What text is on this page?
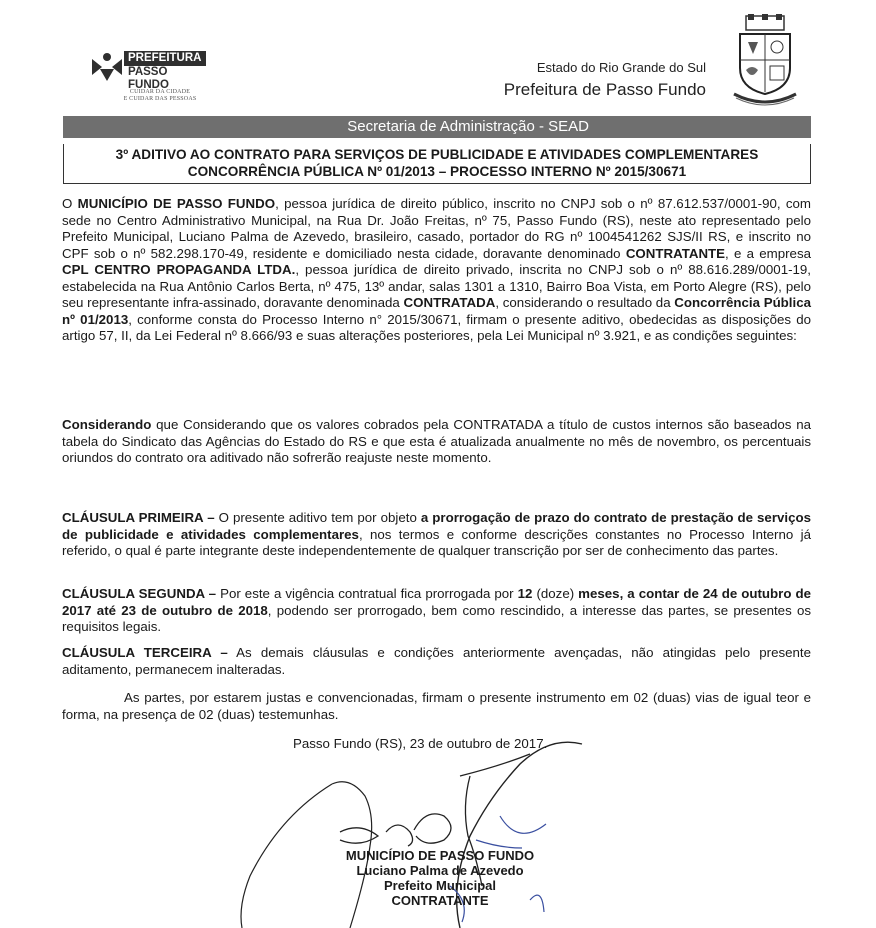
PREFEITURA
PASSO FUNDO
CUIDAR DA CIDADE
E CUIDAR DAS PESSOAS
Estado do Rio Grande do Sul
Prefeitura de Passo Fundo
Secretaria de Administração - SEAD
3º ADITIVO AO CONTRATO PARA SERVIÇOS DE PUBLICIDADE E ATIVIDADES COMPLEMENTARES
CONCORRÊNCIA PÚBLICA Nº 01/2013 – PROCESSO INTERNO Nº 2015/30671

O MUNICÍPIO DE PASSO FUNDO, pessoa jurídica de direito público, inscrito no CNPJ sob o nº 87.612.537/0001-90, com sede no Centro Administrativo Municipal, na Rua Dr. João Freitas, nº 75, Passo Fundo (RS), neste ato representado pelo Prefeito Municipal, Luciano Palma de Azevedo, brasileiro, casado, portador do RG nº 1004541262 SJS/II RS, e inscrito no CPF sob o nº 582.298.170-49, residente e domiciliado nesta cidade, doravante denominado CONTRATANTE, e a empresa CPL CENTRO PROPAGANDA LTDA., pessoa jurídica de direito privado, inscrita no CNPJ sob o nº 88.616.289/0001-19, estabelecida na Rua Antônio Carlos Berta, nº 475, 13º andar, salas 1301 a 1310, Bairro Boa Vista, em Porto Alegre (RS), pelo seu representante infra-assinado, doravante denominada CONTRATADA, considerando o resultado da Concorrência Pública nº 01/2013, conforme consta do Processo Interno n° 2015/30671, firmam o presente aditivo, obedecidas as disposições do artigo 57, II, da Lei Federal nº 8.666/93 e suas alterações posteriores, pela Lei Municipal nº 3.921, e as condições seguintes:

Considerando que Considerando que os valores cobrados pela CONTRATADA a título de custos internos são baseados na tabela do Sindicato das Agências do Estado do RS e que esta é atualizada anualmente no mês de novembro, os percentuais oriundos do contrato ora aditivado não sofrerão reajuste neste momento.

CLÁUSULA PRIMEIRA – O presente aditivo tem por objeto a prorrogação de prazo do contrato de prestação de serviços de publicidade e atividades complementares, nos termos e conforme descrições constantes no Processo Interno já referido, o qual é parte integrante deste independentemente de qualquer transcrição por ser de conhecimento das partes.

CLÁUSULA SEGUNDA – Por este a vigência contratual fica prorrogada por 12 (doze) meses, a contar de 24 de outubro de 2017 até 23 de outubro de 2018, podendo ser prorrogado, bem como rescindido, a interesse das partes, se presentes os requisitos legais.

CLÁUSULA TERCEIRA – As demais cláusulas e condições anteriormente avençadas, não atingidas pelo presente aditamento, permanecem inalteradas.

As partes, por estarem justas e convencionadas, firmam o presente instrumento em 02 (duas) vias de igual teor e forma, na presença de 02 (duas) testemunhas.

Passo Fundo (RS), 23 de outubro de 2017.
MUNICÍPIO DE PASSO FUNDO
Luciano Palma de Azevedo
Prefeito Municipal
CONTRATANTE
